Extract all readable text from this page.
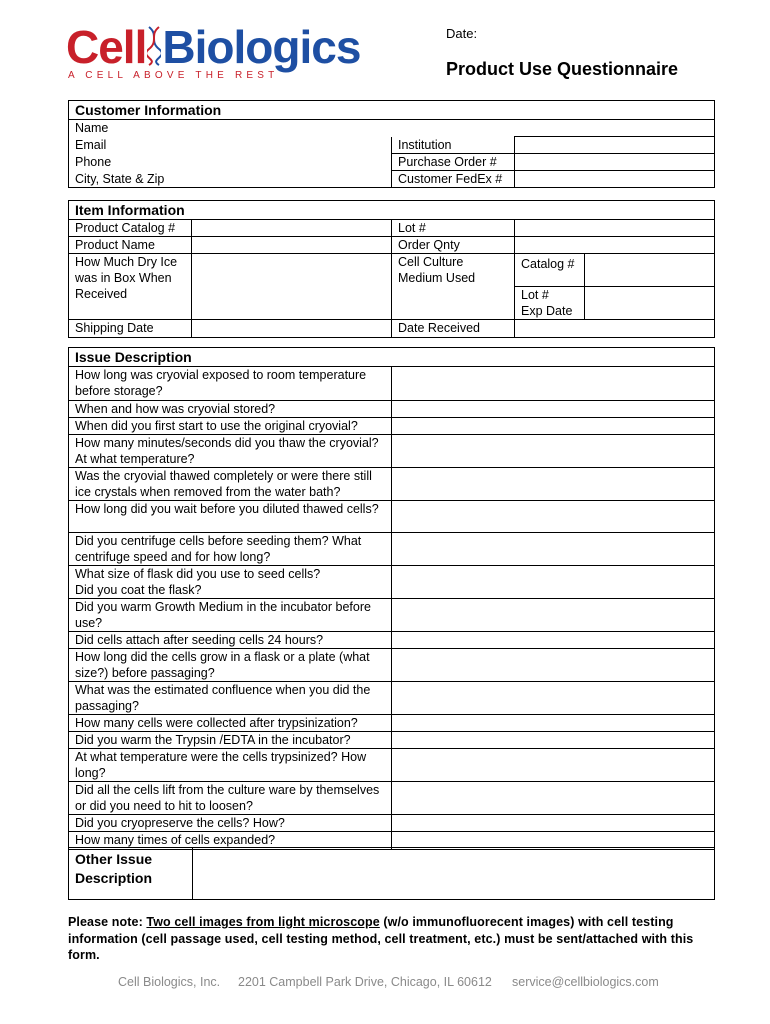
Cell Biologics
A CELL ABOVE THE REST
Date:
Product Use Questionnaire
Customer Information			
Name			
Email		Institution	
Phone		Purchase Order #	
City, State & Zip		Customer FedEx #	
Item Information				
Product Catalog #		Lot #		
Product Name		Order Qnty		
How Much Dry Ice was in Box When Received		Cell Culture Medium Used	Catalog #	

			Lot #
Exp Date	

Shipping Date		Date Received		
Issue Description	
How long was cryovial exposed to room temperature before storage?	
When and how was cryovial stored?	
When did you first start to use the original cryovial?	
How many minutes/seconds did you thaw the cryovial? At what temperature?	
Was the cryovial thawed completely or were there still ice crystals when removed from the water bath?	
How long did you wait before you diluted thawed cells?	
Did you centrifuge cells before seeding them? What centrifuge speed and for how long?	
What size of flask did you use to seed cells?	
Did you coat the flask?	
Did you warm Growth Medium in the incubator before use?	
Did cells attach after seeding cells 24 hours?	
How long did the cells grow in a flask or a plate (what size?) before passaging?	
What was the estimated confluence when you did the passaging?	
How many cells were collected after trypsinization?	
Did you warm the Trypsin /EDTA in the incubator?	
At what temperature were the cells trypsinized? How long?	
Did all the cells lift from the culture ware by themselves or did you need to hit to loosen?	
Did you cryopreserve the cells? How?	
How many times of cells expanded?	
Other Issue Description	
Please note: Two cell images from light microscope (w/o immunofluorecent images) with cell testing information (cell passage used, cell testing method, cell treatment, etc.) must be sent/attached with this form.
Cell Biologics, Inc. 2201 Campbell Park Drive, Chicago, IL 60612 service@cellbiologics.com
